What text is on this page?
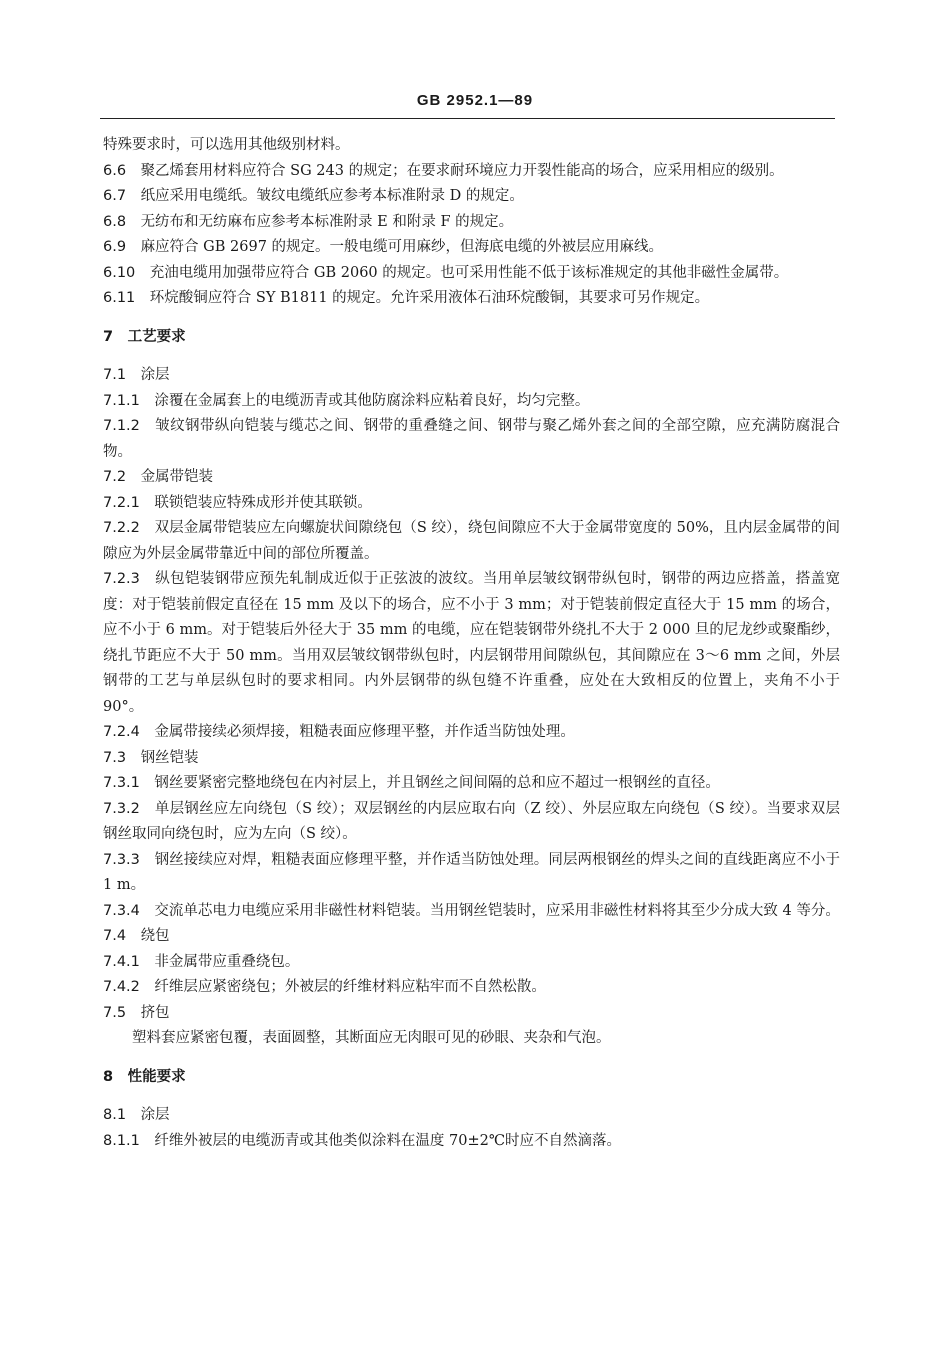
GB 2952.1—89

特殊要求时，可以选用其他级别材料。

6.6　 聚乙烯套用材料应符合 SG 243 的规定；在要求耐环境应力开裂性能高的场合，应采用相应的级别。

6.7　 纸应采用电缆纸。皱纹电缆纸应参考本标准附录 D 的规定。

6.8　 无纺布和无纺麻布应参考本标准附录 E 和附录 F 的规定。

6.9　 麻应符合 GB 2697 的规定。一般电缆可用麻纱，但海底电缆的外被层应用麻线。

6.10　 充油电缆用加强带应符合 GB 2060 的规定。也可采用性能不低于该标准规定的其他非磁性金属带。

6.11　 环烷酸铜应符合 SY B1811 的规定。允许采用液体石油环烷酸铜，其要求可另作规定。

7　 工艺要求

7.1　 涂层

7.1.1　 涂覆在金属套上的电缆沥青或其他防腐涂料应粘着良好，均匀完整。

7.1.2　 皱纹钢带纵向铠装与缆芯之间、钢带的重叠缝之间、钢带与聚乙烯外套之间的全部空隙，应充满防腐混合物。

7.2　 金属带铠装

7.2.1　 联锁铠装应特殊成形并使其联锁。

7.2.2　 双层金属带铠装应左向螺旋状间隙绕包（S 绞），绕包间隙应不大于金属带宽度的 50%，且内层金属带的间隙应为外层金属带靠近中间的部位所覆盖。

7.2.3　 纵包铠装钢带应预先轧制成近似于正弦波的波纹。当用单层皱纹钢带纵包时，钢带的两边应搭盖，搭盖宽度：对于铠装前假定直径在 15 mm 及以下的场合，应不小于 3 mm；对于铠装前假定直径大于 15 mm 的场合，应不小于 6 mm。对于铠装后外径大于 35 mm 的电缆，应在铠装钢带外绕扎不大于 2 000 旦的尼龙纱或聚酯纱，绕扎节距应不大于 50 mm。当用双层皱纹钢带纵包时，内层钢带用间隙纵包，其间隙应在 3～6 mm 之间，外层钢带的工艺与单层纵包时的要求相同。内外层钢带的纵包缝不许重叠，应处在大致相反的位置上，夹角不小于 90°。

7.2.4　 金属带接续必须焊接，粗糙表面应修理平整，并作适当防蚀处理。

7.3　 钢丝铠装

7.3.1　 钢丝要紧密完整地绕包在内衬层上，并且钢丝之间间隔的总和应不超过一根钢丝的直径。

7.3.2　 单层钢丝应左向绕包（S 绞）；双层钢丝的内层应取右向（Z 绞）、外层应取左向绕包（S 绞）。当要求双层钢丝取同向绕包时，应为左向（S 绞）。

7.3.3　 钢丝接续应对焊，粗糙表面应修理平整，并作适当防蚀处理。同层两根钢丝的焊头之间的直线距离应不小于 1 m。

7.3.4　 交流单芯电力电缆应采用非磁性材料铠装。当用钢丝铠装时，应采用非磁性材料将其至少分成大致 4 等分。

7.4　 绕包

7.4.1　 非金属带应重叠绕包。

7.4.2　 纤维层应紧密绕包；外被层的纤维材料应粘牢而不自然松散。

7.5　 挤包

塑料套应紧密包覆，表面圆整，其断面应无肉眼可见的砂眼、夹杂和气泡。

8　 性能要求

8.1　 涂层

8.1.1　 纤维外被层的电缆沥青或其他类似涂料在温度 70±2℃时应不自然滴落。
